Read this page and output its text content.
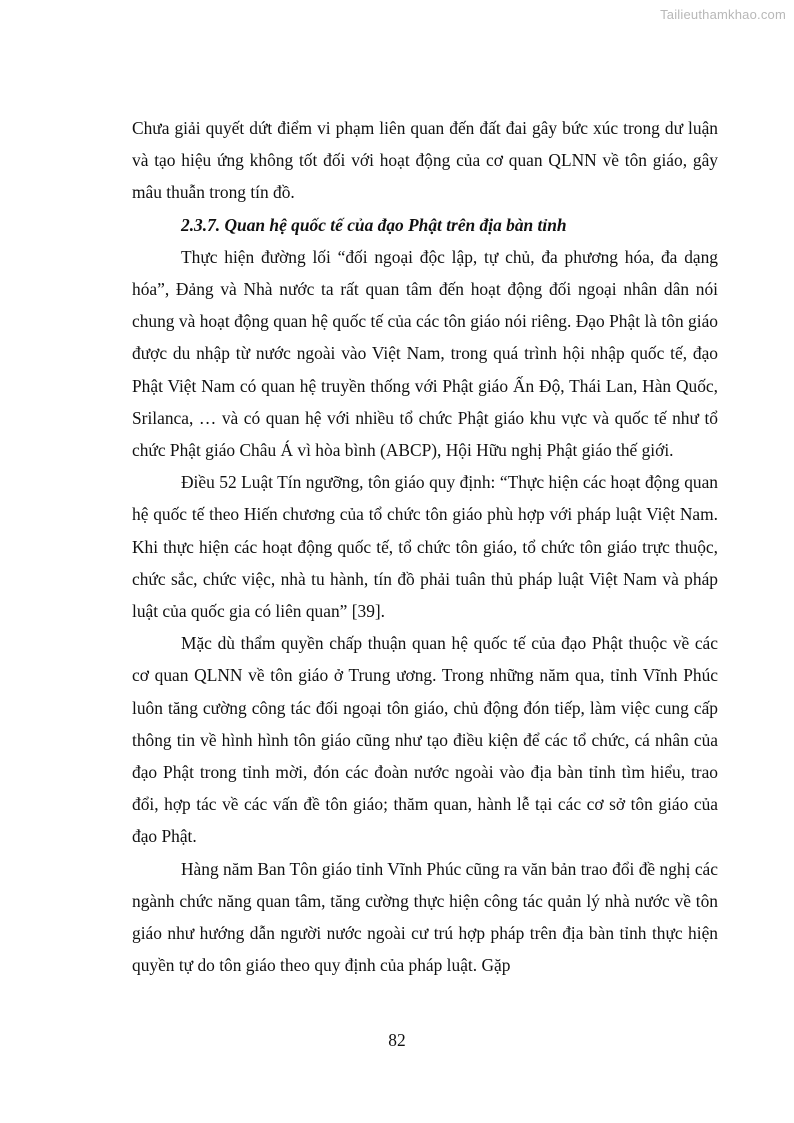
Tailieuthamkhao.com

Chưa giải quyết dứt điểm vi phạm liên quan đến đất đai gây bức xúc trong dư luận và tạo hiệu ứng không tốt đối với hoạt động của cơ quan QLNN về tôn giáo, gây mâu thuẫn trong tín đồ.

2.3.7. Quan hệ quốc tế của đạo Phật trên địa bàn tỉnh

Thực hiện đường lối “đối ngoại độc lập, tự chủ, đa phương hóa, đa dạng hóa”, Đảng và Nhà nước ta rất quan tâm đến hoạt động đối ngoại nhân dân nói chung và hoạt động quan hệ quốc tế của các tôn giáo nói riêng. Đạo Phật là tôn giáo được du nhập từ nước ngoài vào Việt Nam, trong quá trình hội nhập quốc tế, đạo Phật Việt Nam có quan hệ truyền thống với Phật giáo Ấn Độ, Thái Lan, Hàn Quốc, Srilanca, … và có quan hệ với nhiều tổ chức Phật giáo khu vực và quốc tế như tổ chức Phật giáo Châu Á vì hòa bình (ABCP), Hội Hữu nghị Phật giáo thế giới.

Điều 52 Luật Tín ngưỡng, tôn giáo quy định: “Thực hiện các hoạt động quan hệ quốc tế theo Hiến chương của tổ chức tôn giáo phù hợp với pháp luật Việt Nam. Khi thực hiện các hoạt động quốc tế, tổ chức tôn giáo, tổ chức tôn giáo trực thuộc, chức sắc, chức việc, nhà tu hành, tín đồ phải tuân thủ pháp luật Việt Nam và pháp luật của quốc gia có liên quan” [39].

Mặc dù thẩm quyền chấp thuận quan hệ quốc tế của đạo Phật thuộc về các cơ quan QLNN về tôn giáo ở Trung ương. Trong những năm qua, tỉnh Vĩnh Phúc luôn tăng cường công tác đối ngoại tôn giáo, chủ động đón tiếp, làm việc cung cấp thông tin về hình hình tôn giáo cũng như tạo điều kiện để các tổ chức, cá nhân của đạo Phật trong tỉnh mời, đón các đoàn nước ngoài vào địa bàn tỉnh tìm hiểu, trao đổi, hợp tác về các vấn đề tôn giáo; thăm quan, hành lễ tại các cơ sở tôn giáo của đạo Phật.

Hàng năm Ban Tôn giáo tỉnh Vĩnh Phúc cũng ra văn bản trao đổi đề nghị các ngành chức năng quan tâm, tăng cường thực hiện công tác quản lý nhà nước về tôn giáo như hướng dẫn người nước ngoài cư trú hợp pháp trên địa bàn tỉnh thực hiện quyền tự do tôn giáo theo quy định của pháp luật. Gặp

82
